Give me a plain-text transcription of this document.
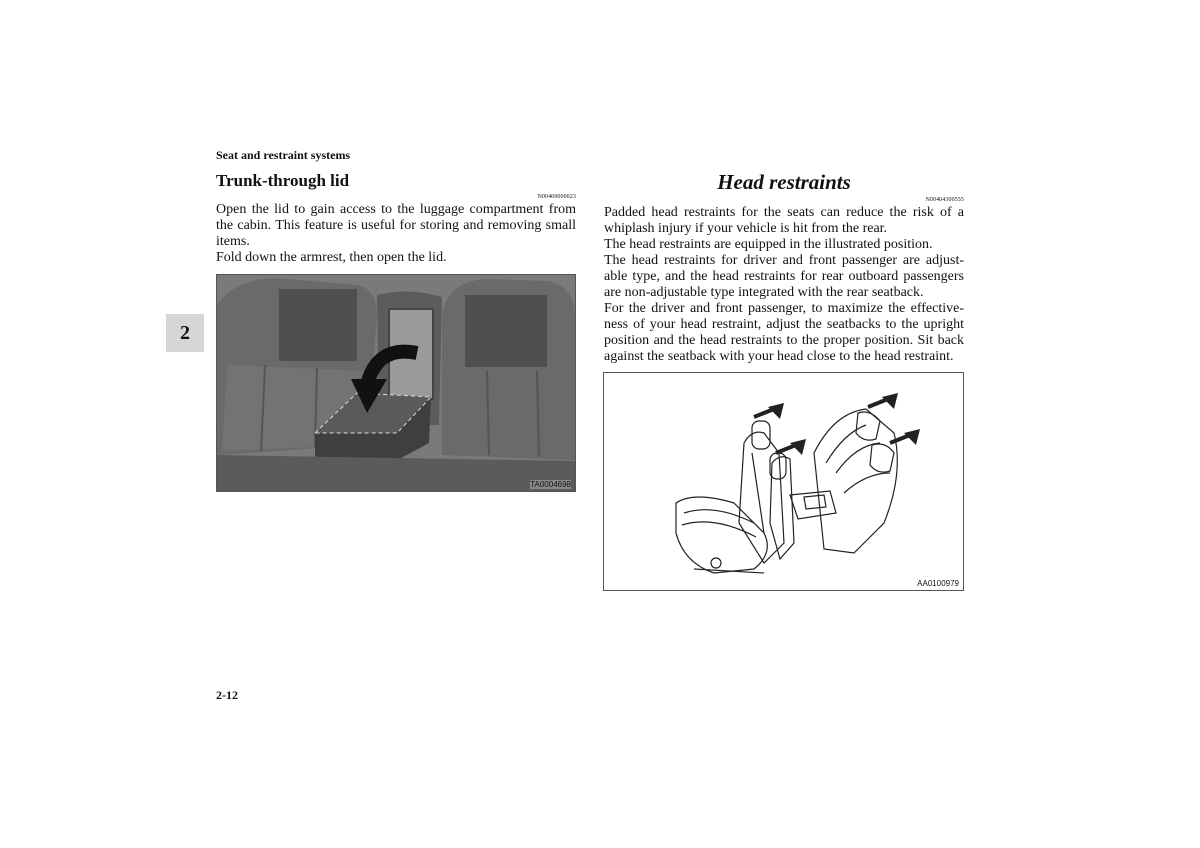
Seat and restraint systems
2
Trunk-through lid
N00469000023

Open the lid to gain access to the luggage compartment from the cabin. This feature is useful for storing and removing small items.

Fold down the armrest, then open the lid.

TA0004698
Head restraints
N00404300555

Padded head restraints for the seats can reduce the risk of a whiplash injury if your vehicle is hit from the rear.

The head restraints are equipped in the illustrated position.

The head restraints for driver and front passenger are adjust-able type, and the head restraints for rear outboard passengers are non-adjustable type integrated with the rear seatback.

For the driver and front passenger, to maximize the effective-ness of your head restraint, adjust the seatbacks to the upright position and the head restraints to the proper position. Sit back against the seatback with your head close to the head restraint.

AA0100979
2-12
